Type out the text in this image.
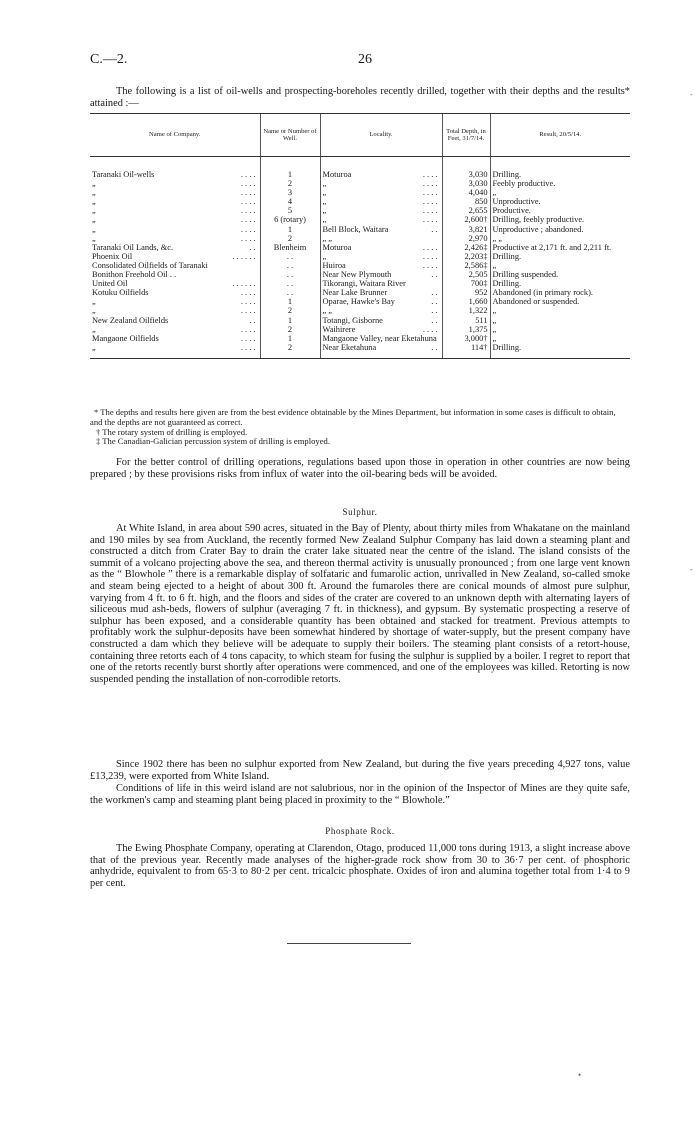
C.—2.	26

The following is a list of oil-wells and prospecting-boreholes recently drilled, together with their depths and the results* attained :—

Name of Company.	Name or Number of Well.	Locality.	Total Depth, in Feet, 31/7/14.	Result, 20/5/14.
Taranaki Oil-wells . . . .	1	Moturoa . . . .	3,030	Drilling.
„ . . . .	2	„ . . . .	3,030	Feebly productive.
„ . . . .	3	„ . . . .	4,040	„
„ . . . .	4	„ . . . .	850	Unproductive.
„ . . . .	5	„ . . . .	2,655	Productive.
„ . . . .	6 (rotary)	„ . . . .	2,600†	Drilling, feebly productive.
„ . . . .	1	Bell Block, Waitara . .	3,821	Unproductive ; abandoned.
„ . . . .	2	„ „	2,970	„ „
Taranaki Oil Lands, &c. . .	Blenheim	Moturoa . . . .	2,426‡	Productive at 2,171 ft. and 2,211 ft.
Phoenix Oil . . . . . .	. .	„ . . . .	2,203‡	Drilling.
Consolidated Oilfields of Taranaki	. .	Huiroa . . . .	2,586‡	„
Bonithon Freehold Oil . .	. .	Near New Plymouth . .	2,505	Drilling suspended.
United Oil . . . . . .	. .	Tikorangi, Waitara River	700‡	Drilling.
Kotuku Oilfields . . . .	. .	Near Lake Brunner . .	952	Abandoned (in primary rock).
„ . . . .	1	Oparae, Hawke's Bay . .	1,660	Abandoned or suspended.
„ . . . .	2	„ „ . .	1,322	„
New Zealand Oilfields . .	1	Totangi, Gisborne . .	511	„
„ . . . .	2	Waihirere . . . .	1,375	„
Mangaone Oilfields . . . .	1	Mangaone Valley, near Eketahuna	3,000†	„
„ . . . .	2	Near Eketahuna . .	114†	Drilling.
* The depths and results here given are from the best evidence obtainable by the Mines Department, but information in some cases is difficult to obtain, and the depths are not guaranteed as correct.
† The rotary system of drilling is employed.
‡ The Canadian-Galician percussion system of drilling is employed.

For the better control of drilling operations, regulations based upon those in operation in other countries are now being prepared ; by these provisions risks from influx of water into the oil-bearing beds will be avoided.

Sulphur.

At White Island, in area about 590 acres, situated in the Bay of Plenty, about thirty miles from Whakatane on the mainland and 190 miles by sea from Auckland, the recently formed New Zealand Sulphur Company has laid down a steaming plant and constructed a ditch from Crater Bay to drain the crater lake situated near the centre of the island. The island consists of the summit of a volcano projecting above the sea, and thereon thermal activity is unusually pronounced ; from one large vent known as the “ Blowhole ” there is a remarkable display of solfataric and fumarolic action, unrivalled in New Zealand, so-called smoke and steam being ejected to a height of about 300 ft. Around the fumaroles there are conical mounds of almost pure sulphur, varying from 4 ft. to 6 ft. high, and the floors and sides of the crater are covered to an unknown depth with alternating layers of siliceous mud ash-beds, flowers of sulphur (averaging 7 ft. in thickness), and gypsum. By systematic prospecting a reserve of sulphur has been exposed, and a considerable quantity has been obtained and stacked for treatment. Previous attempts to profitably work the sulphur-deposits have been somewhat hindered by shortage of water-supply, but the present company have constructed a dam which they believe will be adequate to supply their boilers. The steaming plant consists of a retort-house, containing three retorts each of 4 tons capacity, to which steam for fusing the sulphur is supplied by a boiler. I regret to report that one of the retorts recently burst shortly after operations were commenced, and one of the employees was killed. Retorting is now suspended pending the installation of non-corrodible retorts.

Since 1902 there has been no sulphur exported from New Zealand, but during the five years preceding 4,927 tons, value £13,239, were exported from White Island.

Conditions of life in this weird island are not salubrious, nor in the opinion of the Inspector of Mines are they quite safe, the workmen's camp and steaming plant being placed in proximity to the “ Blowhole.”

Phosphate Rock.

The Ewing Phosphate Company, operating at Clarendon, Otago, produced 11,000 tons during 1913, a slight increase above that of the previous year. Recently made analyses of the higher-grade rock show from 30 to 36·7 per cent. of phosphoric anhydride, equivalent to from 65·3 to 80·2 per cent. tricalcic phosphate. Oxides of iron and alumina together total from 1·4 to 9 per cent.

-
-
•
